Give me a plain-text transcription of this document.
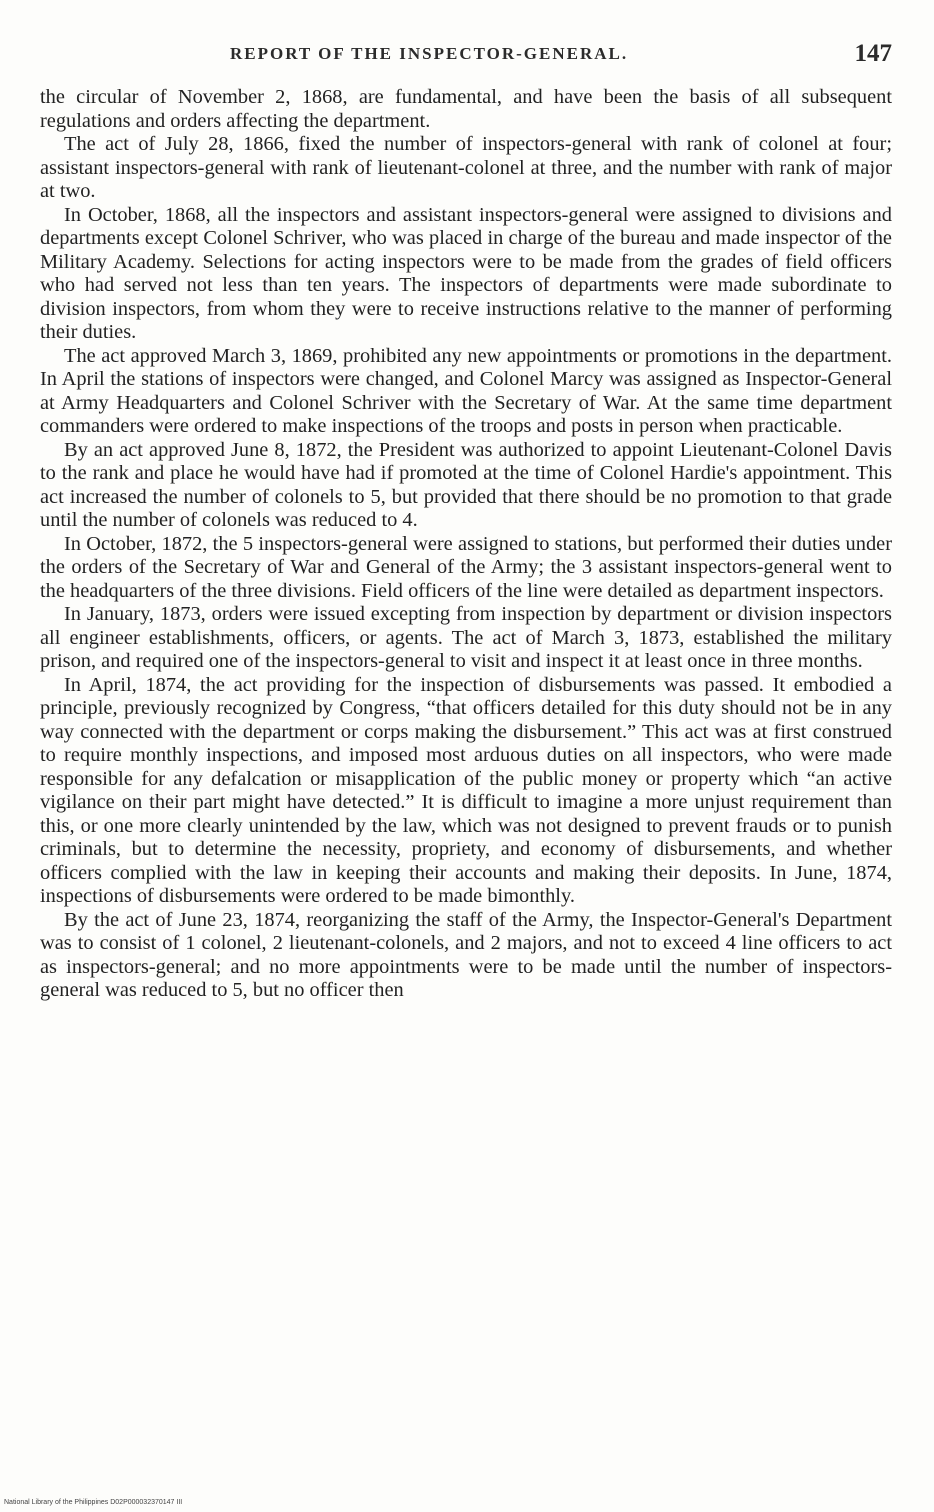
REPORT OF THE INSPECTOR-GENERAL.	147

the circular of November 2, 1868, are fundamental, and have been the basis of all subsequent regulations and orders affecting the department.

The act of July 28, 1866, fixed the number of inspectors-general with rank of colonel at four; assistant inspectors-general with rank of lieutenant-colonel at three, and the number with rank of major at two.

In October, 1868, all the inspectors and assistant inspectors-general were assigned to divisions and departments except Colonel Schriver, who was placed in charge of the bureau and made inspector of the Military Academy. Selections for acting inspectors were to be made from the grades of field officers who had served not less than ten years. The inspectors of departments were made subordinate to division inspectors, from whom they were to receive instructions relative to the manner of performing their duties.

The act approved March 3, 1869, prohibited any new appointments or promotions in the department. In April the stations of inspectors were changed, and Colonel Marcy was assigned as Inspector-General at Army Headquarters and Colonel Schriver with the Secretary of War. At the same time department commanders were ordered to make inspections of the troops and posts in person when practicable.

By an act approved June 8, 1872, the President was authorized to appoint Lieutenant-Colonel Davis to the rank and place he would have had if promoted at the time of Colonel Hardie's appointment. This act increased the number of colonels to 5, but provided that there should be no promotion to that grade until the number of colonels was reduced to 4.

In October, 1872, the 5 inspectors-general were assigned to stations, but performed their duties under the orders of the Secretary of War and General of the Army; the 3 assistant inspectors-general went to the headquarters of the three divisions. Field officers of the line were detailed as department inspectors.

In January, 1873, orders were issued excepting from inspection by department or division inspectors all engineer establishments, officers, or agents. The act of March 3, 1873, established the military prison, and required one of the inspectors-general to visit and inspect it at least once in three months.

In April, 1874, the act providing for the inspection of disbursements was passed. It embodied a principle, previously recognized by Congress, “that officers detailed for this duty should not be in any way connected with the department or corps making the disbursement.” This act was at first construed to require monthly inspections, and imposed most arduous duties on all inspectors, who were made responsible for any defalcation or misapplication of the public money or property which “an active vigilance on their part might have detected.” It is difficult to imagine a more unjust requirement than this, or one more clearly unintended by the law, which was not designed to prevent frauds or to punish criminals, but to determine the necessity, propriety, and economy of disbursements, and whether officers complied with the law in keeping their accounts and making their deposits. In June, 1874, inspections of disbursements were ordered to be made bimonthly.

By the act of June 23, 1874, reorganizing the staff of the Army, the Inspector-General's Department was to consist of 1 colonel, 2 lieutenant-colonels, and 2 majors, and not to exceed 4 line officers to act as inspectors-general; and no more appointments were to be made until the number of inspectors-general was reduced to 5, but no officer then

National Library of the Philippines D02P000032370147 III
